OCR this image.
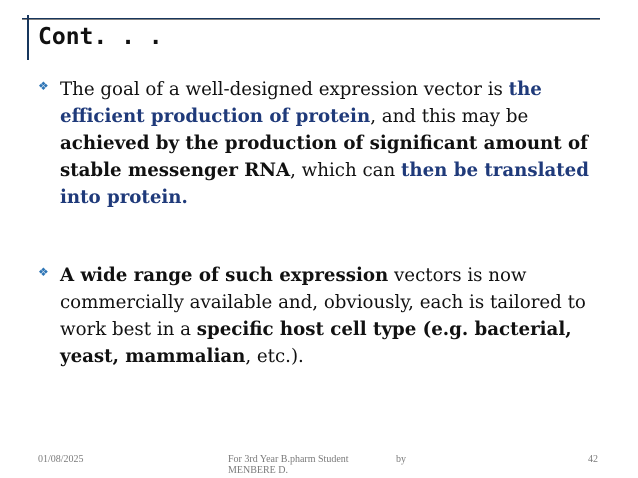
Cont. . .
❖ The goal of a well-designed expression vector is the efficient production of protein, and this may be achieved by the production of significant amount of stable messenger RNA, which can then be translated into protein.
❖ A wide range of such expression vectors is now commercially available and, obviously, each is tailored to work best in a specific host cell type (e.g. bacterial, yeast, mammalian, etc.).
01/08/2025	For 3rd Year B.pharm Student	by
MENBERE D.
42
